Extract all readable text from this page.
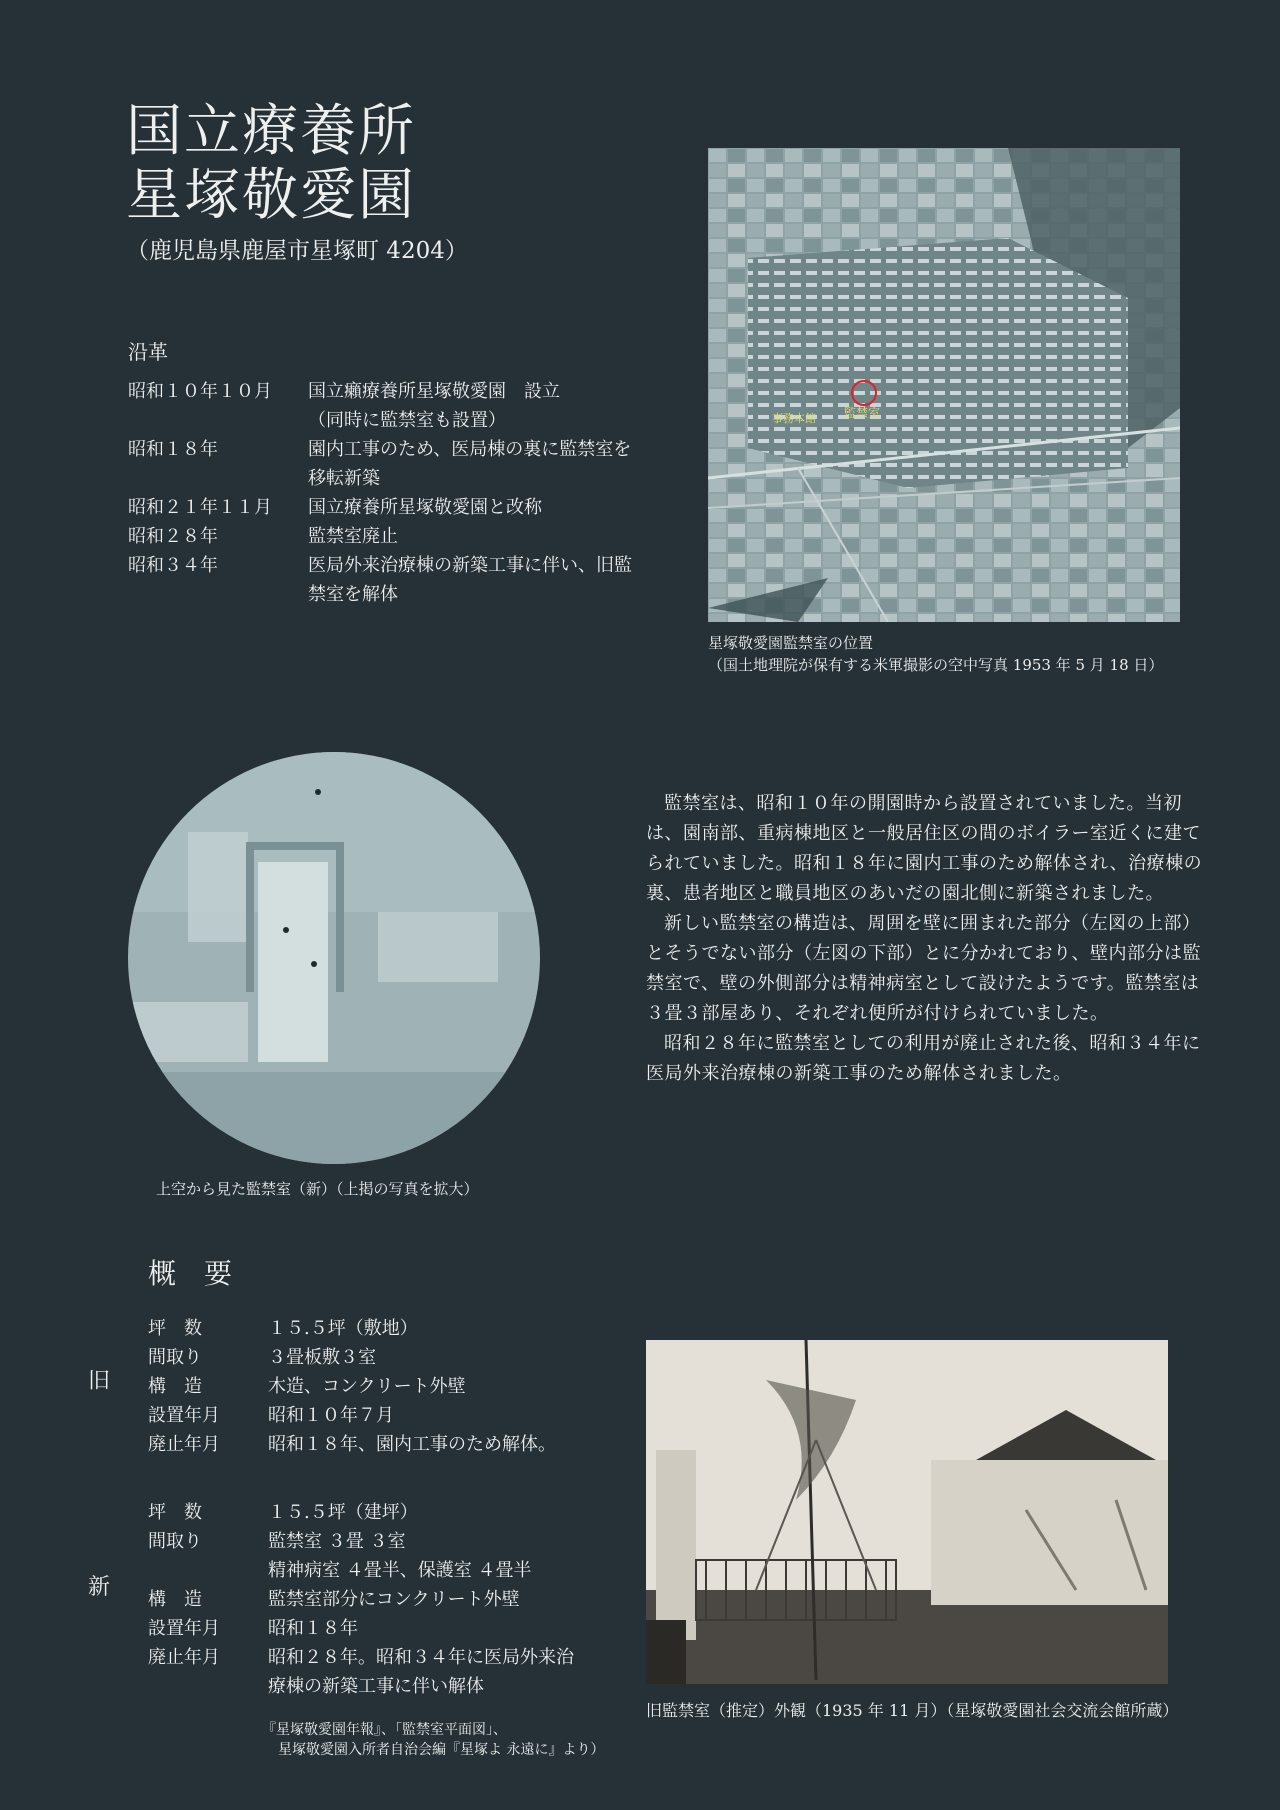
国立療養所
星塚敬愛園
（鹿児島県鹿屋市星塚町 4204）
沿革
昭和１０年１０月	国立癩療養所星塚敬愛園　設立
（同時に監禁室も設置）
昭和１８年	園内工事のため、医局棟の裏に監禁室を
移転新築
昭和２１年１１月	国立療養所星塚敬愛園と改称
昭和２８年	監禁室廃止
昭和３４年	医局外来治療棟の新築工事に伴い、旧監
禁室を解体
事務本館 監禁室
星塚敬愛園監禁室の位置
（国土地理院が保有する米軍撮影の空中写真 1953 年 5 月 18 日）
上空から見た監禁室（新）（上掲の写真を拡大）

監禁室は、昭和１０年の開園時から設置されていました。当初は、園南部、重病棟地区と一般居住区の間のボイラー室近くに建てられていました。昭和１８年に園内工事のため解体され、治療棟の裏、患者地区と職員地区のあいだの園北側に新築されました。

新しい監禁室の構造は、周囲を壁に囲まれた部分（左図の上部）とそうでない部分（左図の下部）とに分かれており、壁内部分は監禁室で、壁の外側部分は精神病室として設けたようです。監禁室は３畳３部屋あり、それぞれ便所が付けられていました。

昭和２８年に監禁室としての利用が廃止された後、昭和３４年に医局外来治療棟の新築工事のため解体されました。

概　要
旧
坪　数	１５.５坪（敷地）
間取り	３畳板敷３室
構　造	木造、コンクリート外壁
設置年月	昭和１０年７月
廃止年月	昭和１８年、園内工事のため解体。
新
坪　数	１５.５坪（建坪）
間取り	監禁室 ３畳 ３室
精神病室 ４畳半、保護室 ４畳半
構　造	監禁室部分にコンクリート外壁
設置年月	昭和１８年
廃止年月	昭和２８年。昭和３４年に医局外来治
療棟の新築工事に伴い解体
『星塚敬愛園年報』、「監禁室平面図」、
星塚敬愛園入所者自治会編『星塚よ 永遠に』より）
旧監禁室（推定）外観（1935 年 11 月）（星塚敬愛園社会交流会館所蔵）
